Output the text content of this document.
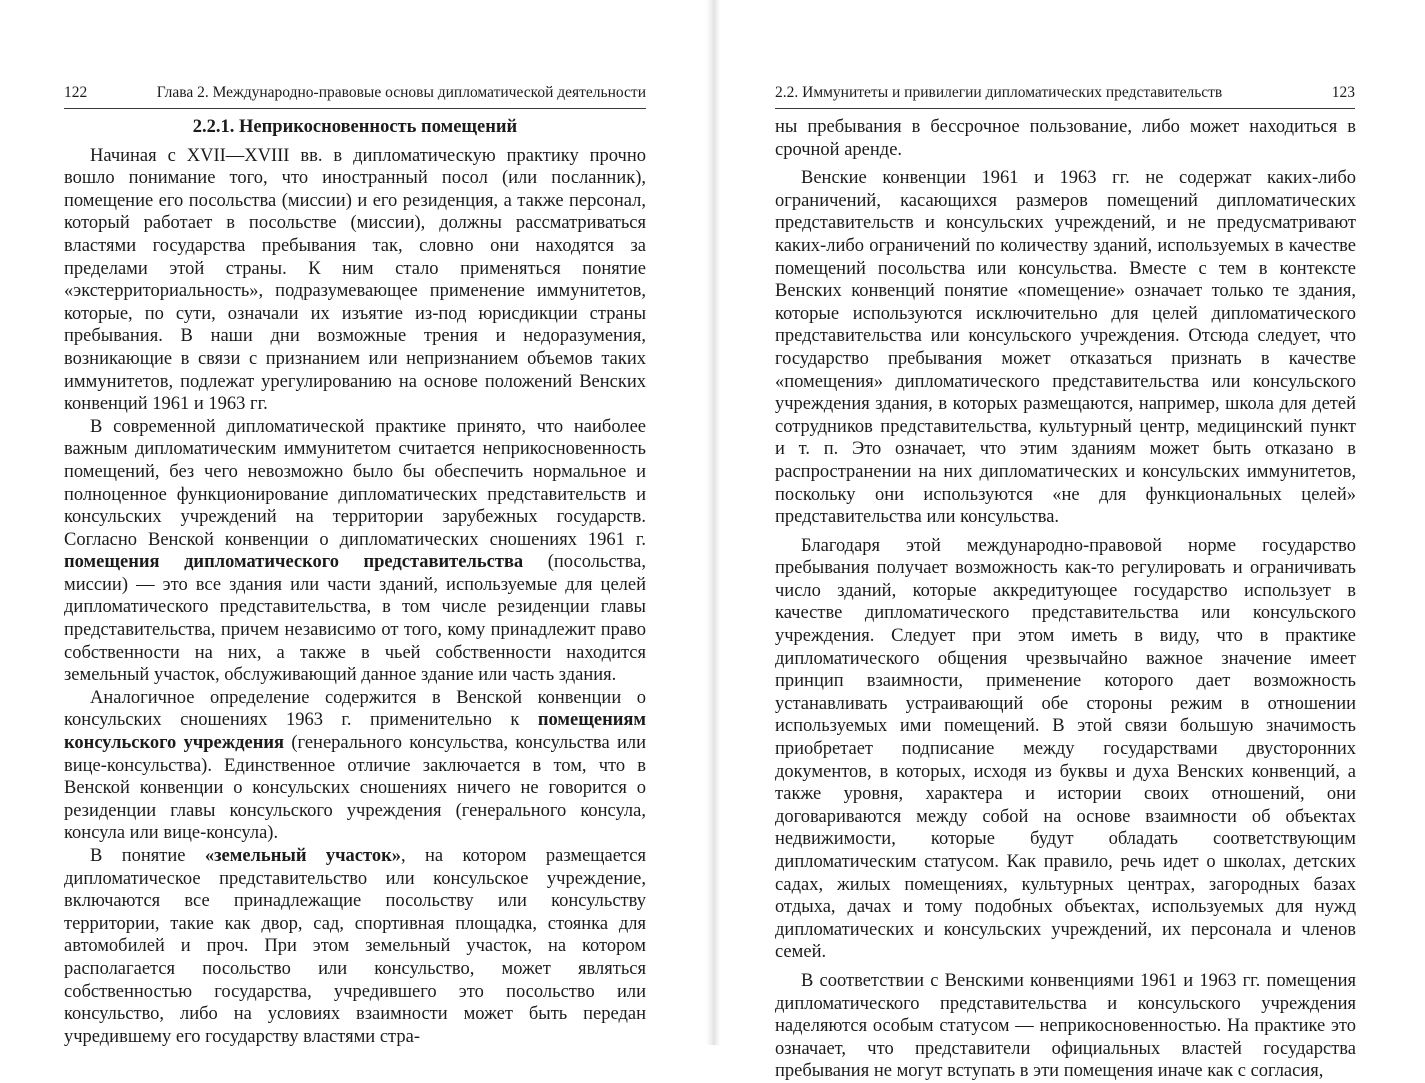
122	Глава 2. Международно-правовые основы дипломатической деятельности
2.2.1. Неприкосновенность помещений

Начиная с XVII—XVIII вв. в дипломатическую практику прочно вошло понимание того, что иностранный посол (или посланник), помещение его посольства (миссии) и его резиденция, а также персонал, который работает в посольстве (миссии), должны рассматриваться властями государства пребывания так, словно они находятся за пределами этой страны. К ним стало применяться понятие «экстерриториальность», подразумевающее применение иммунитетов, которые, по сути, означали их изъятие из-под юрисдикции страны пребывания. В наши дни возможные трения и недоразумения, возникающие в связи с признанием или непризнанием объемов таких иммунитетов, подлежат урегулированию на основе положений Венских конвенций 1961 и 1963 гг.

В современной дипломатической практике принято, что наиболее важным дипломатическим иммунитетом считается неприкосновенность помещений, без чего невозможно было бы обеспечить нормальное и полноценное функционирование дипломатических представительств и консульских учреждений на территории зарубежных государств. Согласно Венской конвенции о дипломатических сношениях 1961 г. помещения дипломатического представительства (посольства, миссии) — это все здания или части зданий, используемые для целей дипломатического представительства, в том числе резиденции главы представительства, причем независимо от того, кому принадлежит право собственности на них, а также в чьей собственности находится земельный участок, обслуживающий данное здание или часть здания.

Аналогичное определение содержится в Венской конвенции о консульских сношениях 1963 г. применительно к помещениям консульского учреждения (генерального консульства, консульства или вице-консульства). Единственное отличие заключается в том, что в Венской конвенции о консульских сношениях ничего не говорится о резиденции главы консульского учреждения (генерального консула, консула или вице-консула).

В понятие «земельный участок», на котором размещается дипломатическое представительство или консульское учреждение, включаются все принадлежащие посольству или консульству территории, такие как двор, сад, спортивная площадка, стоянка для автомобилей и проч. При этом земельный участок, на котором располагается посольство или консульство, может являться собственностью государства, учредившего это посольство или консульство, либо на условиях взаимности может быть передан учредившему его государству властями стра-

2.2. Иммунитеты и привилегии дипломатических представительств	123

ны пребывания в бессрочное пользование, либо может находиться в срочной аренде.

Венские конвенции 1961 и 1963 гг. не содержат каких-либо ограничений, касающихся размеров помещений дипломатических представительств и консульских учреждений, и не предусматривают каких-либо ограничений по количеству зданий, используемых в качестве помещений посольства или консульства. Вместе с тем в контексте Венских конвенций понятие «помещение» означает только те здания, которые используются исключительно для целей дипломатического представительства или консульского учреждения. Отсюда следует, что государство пребывания может отказаться признать в качестве «помещения» дипломатического представительства или консульского учреждения здания, в которых размещаются, например, школа для детей сотрудников представительства, культурный центр, медицинский пункт и т. п. Это означает, что этим зданиям может быть отказано в распространении на них дипломатических и консульских иммунитетов, поскольку они используются «не для функциональных целей» представительства или консульства.

Благодаря этой международно-правовой норме государство пребывания получает возможность как-то регулировать и ограничивать число зданий, которые аккредитующее государство использует в качестве дипломатического представительства или консульского учреждения. Следует при этом иметь в виду, что в практике дипломатического общения чрезвычайно важное значение имеет принцип взаимности, применение которого дает возможность устанавливать устраивающий обе стороны режим в отношении используемых ими помещений. В этой связи большую значимость приобретает подписание между государствами двусторонних документов, в которых, исходя из буквы и духа Венских конвенций, а также уровня, характера и истории своих отношений, они договариваются между собой на основе взаимности об объектах недвижимости, которые будут обладать соответствующим дипломатическим статусом. Как правило, речь идет о школах, детских садах, жилых помещениях, культурных центрах, загородных базах отдыха, дачах и тому подобных объектах, используемых для нужд дипломатических и консульских учреждений, их персонала и членов семей.

В соответствии с Венскими конвенциями 1961 и 1963 гг. помещения дипломатического представительства и консульского учреждения наделяются особым статусом — неприкосновенностью. На практике это означает, что представители официальных властей государства пребывания не могут вступать в эти помещения иначе как с согласия,
